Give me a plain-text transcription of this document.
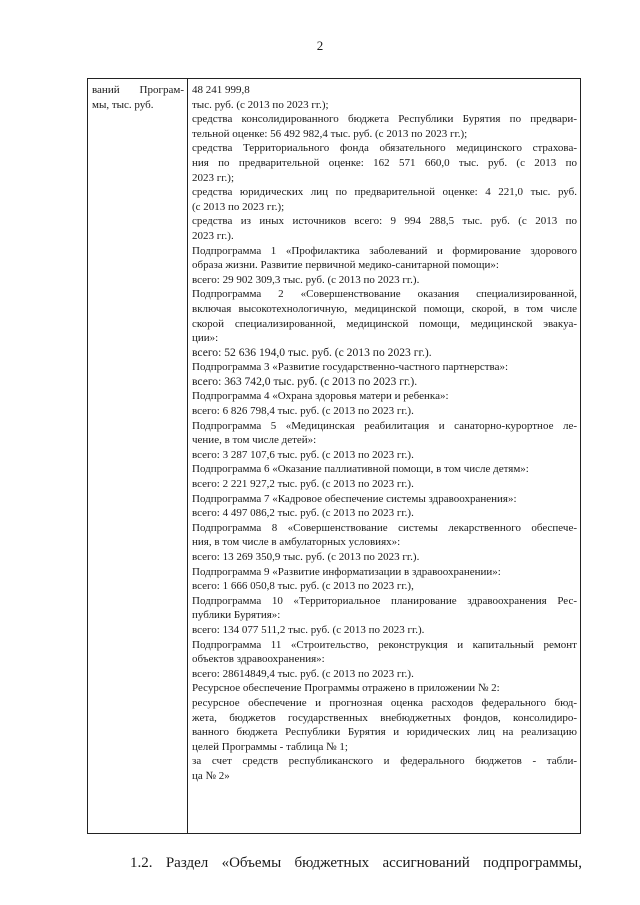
2
ваний Програм-
мы, тыс. руб.
48 241 999,8
тыс. руб. (с 2013 по 2023 гг.);
средства консолидированного бюджета Республики Бурятия по предвари-
тельной оценке: 56 492 982,4 тыс. руб. (с 2013 по 2023 гг.);
средства Территориального фонда обязательного медицинского страхова-
ния по предварительной оценке: 162 571 660,0 тыс. руб. (с 2013 по
2023 гг.);
средства юридических лиц по предварительной оценке: 4 221,0 тыс. руб.
(с 2013 по 2023 гг.);
средства из иных источников всего: 9 994 288,5 тыс. руб. (с 2013 по
2023 гг.).
Подпрограмма 1 «Профилактика заболеваний и формирование здорового
образа жизни. Развитие первичной медико-санитарной помощи»:
всего: 29 902 309,3 тыс. руб. (с 2013 по 2023 гг.).
Подпрограмма 2 «Совершенствование оказания специализированной,
включая высокотехнологичную, медицинской помощи, скорой, в том числе
скорой специализированной, медицинской помощи, медицинской эвакуа-
ции»:
всего: 52 636 194,0 тыс. руб. (с 2013 по 2023 гг.).
Подпрограмма 3 «Развитие государственно-частного партнерства»:
всего: 363 742,0 тыс. руб. (с 2013 по 2023 гг.).
Подпрограмма 4 «Охрана здоровья матери и ребенка»:
всего: 6 826 798,4 тыс. руб. (с 2013 по 2023 гг.).
Подпрограмма 5 «Медицинская реабилитация и санаторно-курортное ле-
чение, в том числе детей»:
всего: 3 287 107,6 тыс. руб. (с 2013 по 2023 гг.).
Подпрограмма 6 «Оказание паллиативной помощи, в том числе детям»:
всего: 2 221 927,2 тыс. руб. (с 2013 по 2023 гг.).
Подпрограмма 7 «Кадровое обеспечение системы здравоохранения»:
всего: 4 497 086,2 тыс. руб. (с 2013 по 2023 гг.).
Подпрограмма 8 «Совершенствование системы лекарственного обеспече-
ния, в том числе в амбулаторных условиях»:
всего: 13 269 350,9 тыс. руб. (с 2013 по 2023 гг.).
Подпрограмма 9 «Развитие информатизации в здравоохранении»:
всего: 1 666 050,8 тыс. руб. (с 2013 по 2023 гг.),
Подпрограмма 10 «Территориальное планирование здравоохранения Рес-
публики Бурятия»:
всего: 134 077 511,2 тыс. руб. (с 2013 по 2023 гг.).
Подпрограмма 11 «Строительство, реконструкция и капитальный ремонт
объектов здравоохранения»:
всего: 28614849,4 тыс. руб. (с 2013 по 2023 гг.).
Ресурсное обеспечение Программы отражено в приложении № 2:
ресурсное обеспечение и прогнозная оценка расходов федерального бюд-
жета, бюджетов государственных внебюджетных фондов, консолидиро-
ванного бюджета Республики Бурятия и юридических лиц на реализацию
целей Программы - таблица № 1;
за счет средств республиканского и федерального бюджетов - табли-
ца № 2»
1.2. Раздел «Объемы бюджетных ассигнований подпрограммы,
